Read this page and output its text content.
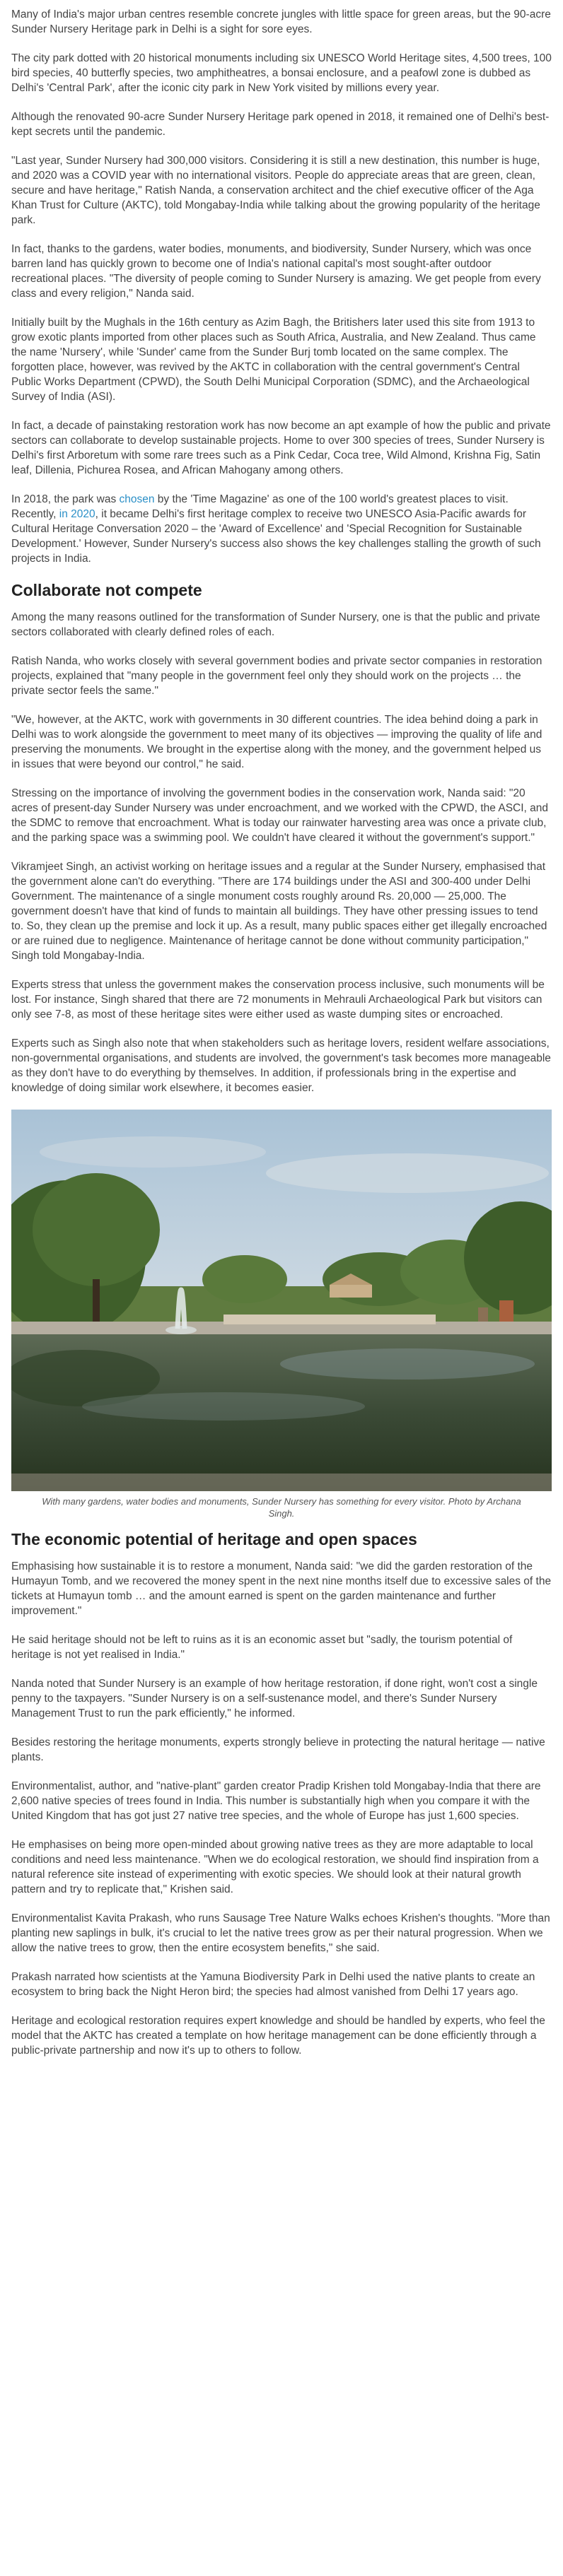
Many of India's major urban centres resemble concrete jungles with little space for green areas, but the 90-acre Sunder Nursery Heritage park in Delhi is a sight for sore eyes.

The city park dotted with 20 historical monuments including six UNESCO World Heritage sites, 4,500 trees, 100 bird species, 40 butterfly species, two amphitheatres, a bonsai enclosure, and a peafowl zone is dubbed as Delhi's 'Central Park', after the iconic city park in New York visited by millions every year.

Although the renovated 90-acre Sunder Nursery Heritage park opened in 2018, it remained one of Delhi's best-kept secrets until the pandemic.

"Last year, Sunder Nursery had 300,000 visitors. Considering it is still a new destination, this number is huge, and 2020 was a COVID year with no international visitors. People do appreciate areas that are green, clean, secure and have heritage," Ratish Nanda, a conservation architect and the chief executive officer of the Aga Khan Trust for Culture (AKTC), told Mongabay-India while talking about the growing popularity of the heritage park.

In fact, thanks to the gardens, water bodies, monuments, and biodiversity, Sunder Nursery, which was once barren land has quickly grown to become one of India's national capital's most sought-after outdoor recreational places. "The diversity of people coming to Sunder Nursery is amazing. We get people from every class and every religion," Nanda said.

Initially built by the Mughals in the 16th century as Azim Bagh, the Britishers later used this site from 1913 to grow exotic plants imported from other places such as South Africa, Australia, and New Zealand. Thus came the name 'Nursery', while 'Sunder' came from the Sunder Burj tomb located on the same complex. The forgotten place, however, was revived by the AKTC in collaboration with the central government's Central Public Works Department (CPWD), the South Delhi Municipal Corporation (SDMC), and the Archaeological Survey of India (ASI).

In fact, a decade of painstaking restoration work has now become an apt example of how the public and private sectors can collaborate to develop sustainable projects. Home to over 300 species of trees, Sunder Nursery is Delhi's first Arboretum with some rare trees such as a Pink Cedar, Coca tree, Wild Almond, Krishna Fig, Satin leaf, Dillenia, Pichurea Rosea, and African Mahogany among others.

In 2018, the park was chosen by the 'Time Magazine' as one of the 100 world's greatest places to visit. Recently, in 2020, it became Delhi's first heritage complex to receive two UNESCO Asia-Pacific awards for Cultural Heritage Conversation 2020 – the 'Award of Excellence' and 'Special Recognition for Sustainable Development.' However, Sunder Nursery's success also shows the key challenges stalling the growth of such projects in India.

Collaborate not compete

Among the many reasons outlined for the transformation of Sunder Nursery, one is that the public and private sectors collaborated with clearly defined roles of each.

Ratish Nanda, who works closely with several government bodies and private sector companies in restoration projects, explained that "many people in the government feel only they should work on the projects … the private sector feels the same."

"We, however, at the AKTC, work with governments in 30 different countries. The idea behind doing a park in Delhi was to work alongside the government to meet many of its objectives — improving the quality of life and preserving the monuments. We brought in the expertise along with the money, and the government helped us in issues that were beyond our control," he said.

Stressing on the importance of involving the government bodies in the conservation work, Nanda said: "20 acres of present-day Sunder Nursery was under encroachment, and we worked with the CPWD, the ASCI, and the SDMC to remove that encroachment. What is today our rainwater harvesting area was once a private club, and the parking space was a swimming pool. We couldn't have cleared it without the government's support."

Vikramjeet Singh, an activist working on heritage issues and a regular at the Sunder Nursery, emphasised that the government alone can't do everything. "There are 174 buildings under the ASI and 300-400 under Delhi Government. The maintenance of a single monument costs roughly around Rs. 20,000 — 25,000. The government doesn't have that kind of funds to maintain all buildings. They have other pressing issues to tend to. So, they clean up the premise and lock it up. As a result, many public spaces either get illegally encroached or are ruined due to negligence. Maintenance of heritage cannot be done without community participation," Singh told Mongabay-India.

Experts stress that unless the government makes the conservation process inclusive, such monuments will be lost. For instance, Singh shared that there are 72 monuments in Mehrauli Archaeological Park but visitors can only see 7-8, as most of these heritage sites were either used as waste dumping sites or encroached.

Experts such as Singh also note that when stakeholders such as heritage lovers, resident welfare associations, non-governmental organisations, and students are involved, the government's task becomes more manageable as they don't have to do everything by themselves. In addition, if professionals bring in the expertise and knowledge of doing similar work elsewhere, it becomes easier.

With many gardens, water bodies and monuments, Sunder Nursery has something for every visitor. Photo by Archana Singh.
The economic potential of heritage and open spaces

Emphasising how sustainable it is to restore a monument, Nanda said: "we did the garden restoration of the Humayun Tomb, and we recovered the money spent in the next nine months itself due to excessive sales of the tickets at Humayun tomb … and the amount earned is spent on the garden maintenance and further improvement."

He said heritage should not be left to ruins as it is an economic asset but "sadly, the tourism potential of heritage is not yet realised in India."

Nanda noted that Sunder Nursery is an example of how heritage restoration, if done right, won't cost a single penny to the taxpayers. "Sunder Nursery is on a self-sustenance model, and there's Sunder Nursery Management Trust to run the park efficiently," he informed.

Besides restoring the heritage monuments, experts strongly believe in protecting the natural heritage — native plants.

Environmentalist, author, and "native-plant" garden creator Pradip Krishen told Mongabay-India that there are 2,600 native species of trees found in India. This number is substantially high when you compare it with the United Kingdom that has got just 27 native tree species, and the whole of Europe has just 1,600 species.

He emphasises on being more open-minded about growing native trees as they are more adaptable to local conditions and need less maintenance. "When we do ecological restoration, we should find inspiration from a natural reference site instead of experimenting with exotic species. We should look at their natural growth pattern and try to replicate that," Krishen said.

Environmentalist Kavita Prakash, who runs Sausage Tree Nature Walks echoes Krishen's thoughts. "More than planting new saplings in bulk, it's crucial to let the native trees grow as per their natural progression. When we allow the native trees to grow, then the entire ecosystem benefits," she said.

Prakash narrated how scientists at the Yamuna Biodiversity Park in Delhi used the native plants to create an ecosystem to bring back the Night Heron bird; the species had almost vanished from Delhi 17 years ago.

Heritage and ecological restoration requires expert knowledge and should be handled by experts, who feel the model that the AKTC has created a template on how heritage management can be done efficiently through a public-private partnership and now it's up to others to follow.
